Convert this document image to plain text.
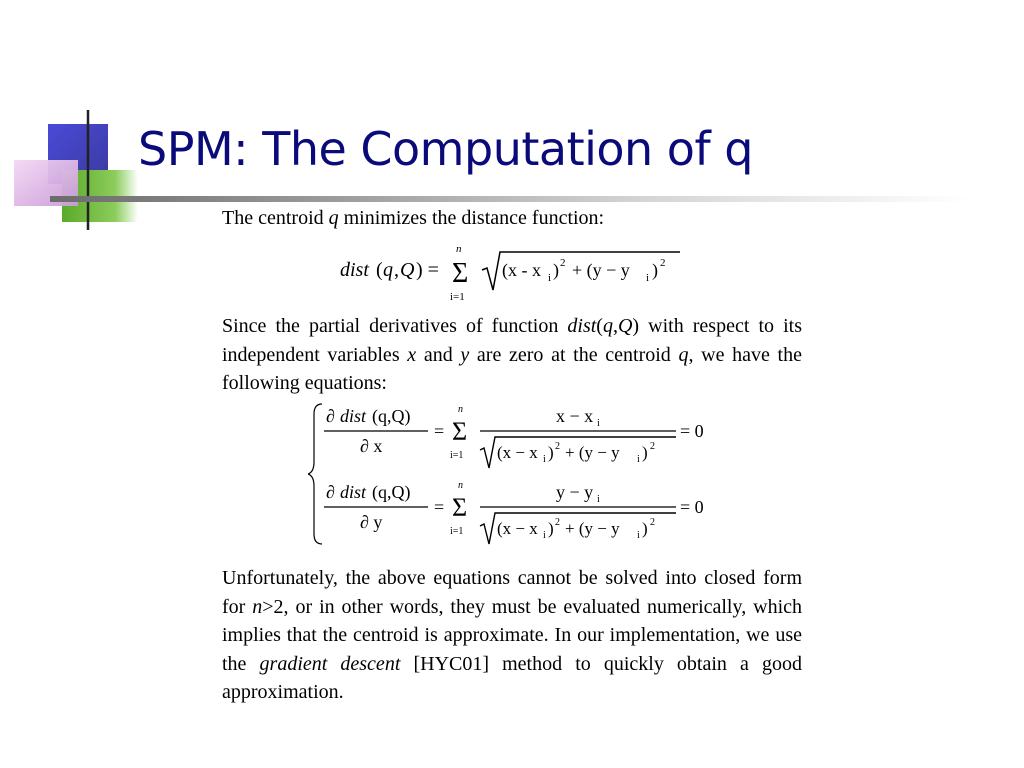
SPM: The Computation of q

The centroid q minimizes the distance function:

dist ( q , Q ) =
n
Σ
i=1
(x - x i ) 2 + (y − y i ) 2

Since the partial derivatives of function dist(q,Q) with respect to its independent variables x and y are zero at the centroid q, we have the following equations:

∂ dist (q,Q)
∂ x
=
n
Σ
i=1
x − x i
(x − x i ) 2 + (y − y i ) 2
= 0
∂ dist (q,Q)
∂ y
=
n
Σ
i=1
y − y i
(x − x i ) 2 + (y − y i ) 2
= 0

Unfortunately, the above equations cannot be solved into closed form for n>2, or in other words, they must be evaluated numerically, which implies that the centroid is approximate. In our implementation, we use the gradient descent [HYC01] method to quickly obtain a good approximation.
